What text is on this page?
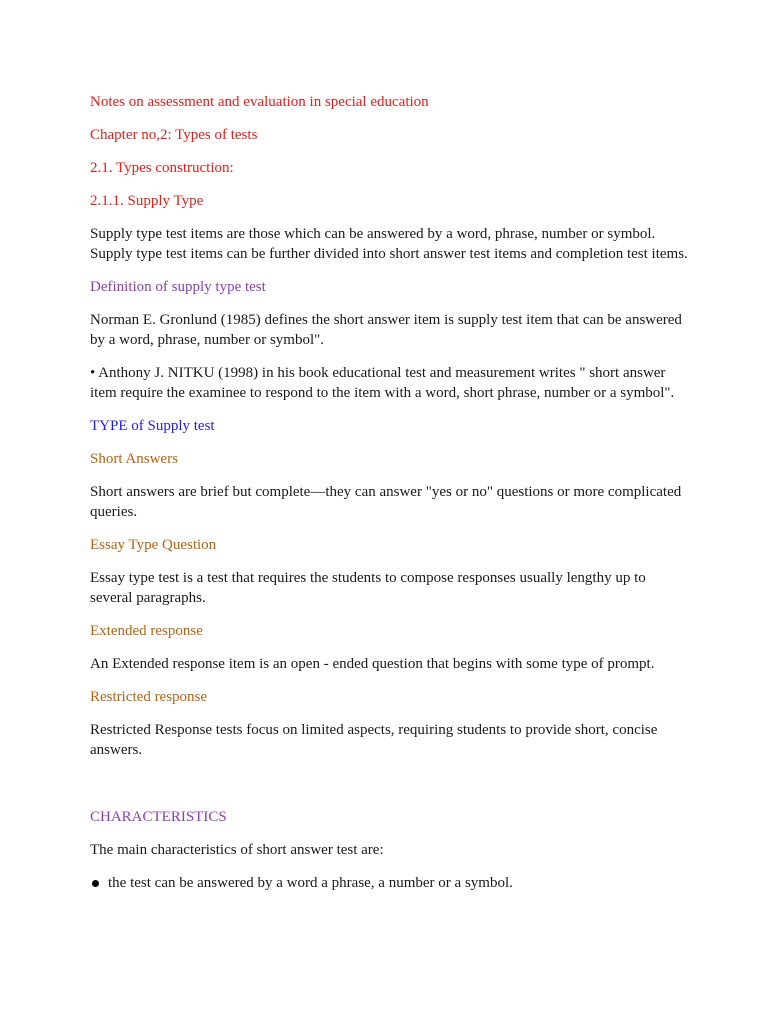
Notes on assessment and evaluation in special education
Chapter no,2: Types of tests
2.1. Types construction:
2.1.1. Supply Type
Supply type test items are those which can be answered by a word, phrase, number or symbol. Supply type test items can be further divided into short answer test items and completion test items.
Definition of supply type test
Norman E. Gronlund (1985) defines the short answer item is supply test item that can be answered by a word, phrase, number or symbol".
• Anthony J. NITKU (1998) in his book educational test and measurement writes " short answer item require the examinee to respond to the item with a word, short phrase, number or a symbol".
TYPE of Supply test
Short Answers
Short answers are brief but complete—they can answer "yes or no" questions or more complicated queries.
Essay Type Question
Essay type test is a test that requires the students to compose responses usually lengthy up to several paragraphs.
Extended response
An Extended response item is an open - ended question that begins with some type of prompt.
Restricted response
Restricted Response tests focus on limited aspects, requiring students to provide short, concise answers.
CHARACTERISTICS
The main characteristics of short answer test are:
the test can be answered by a word a phrase, a number or a symbol.
